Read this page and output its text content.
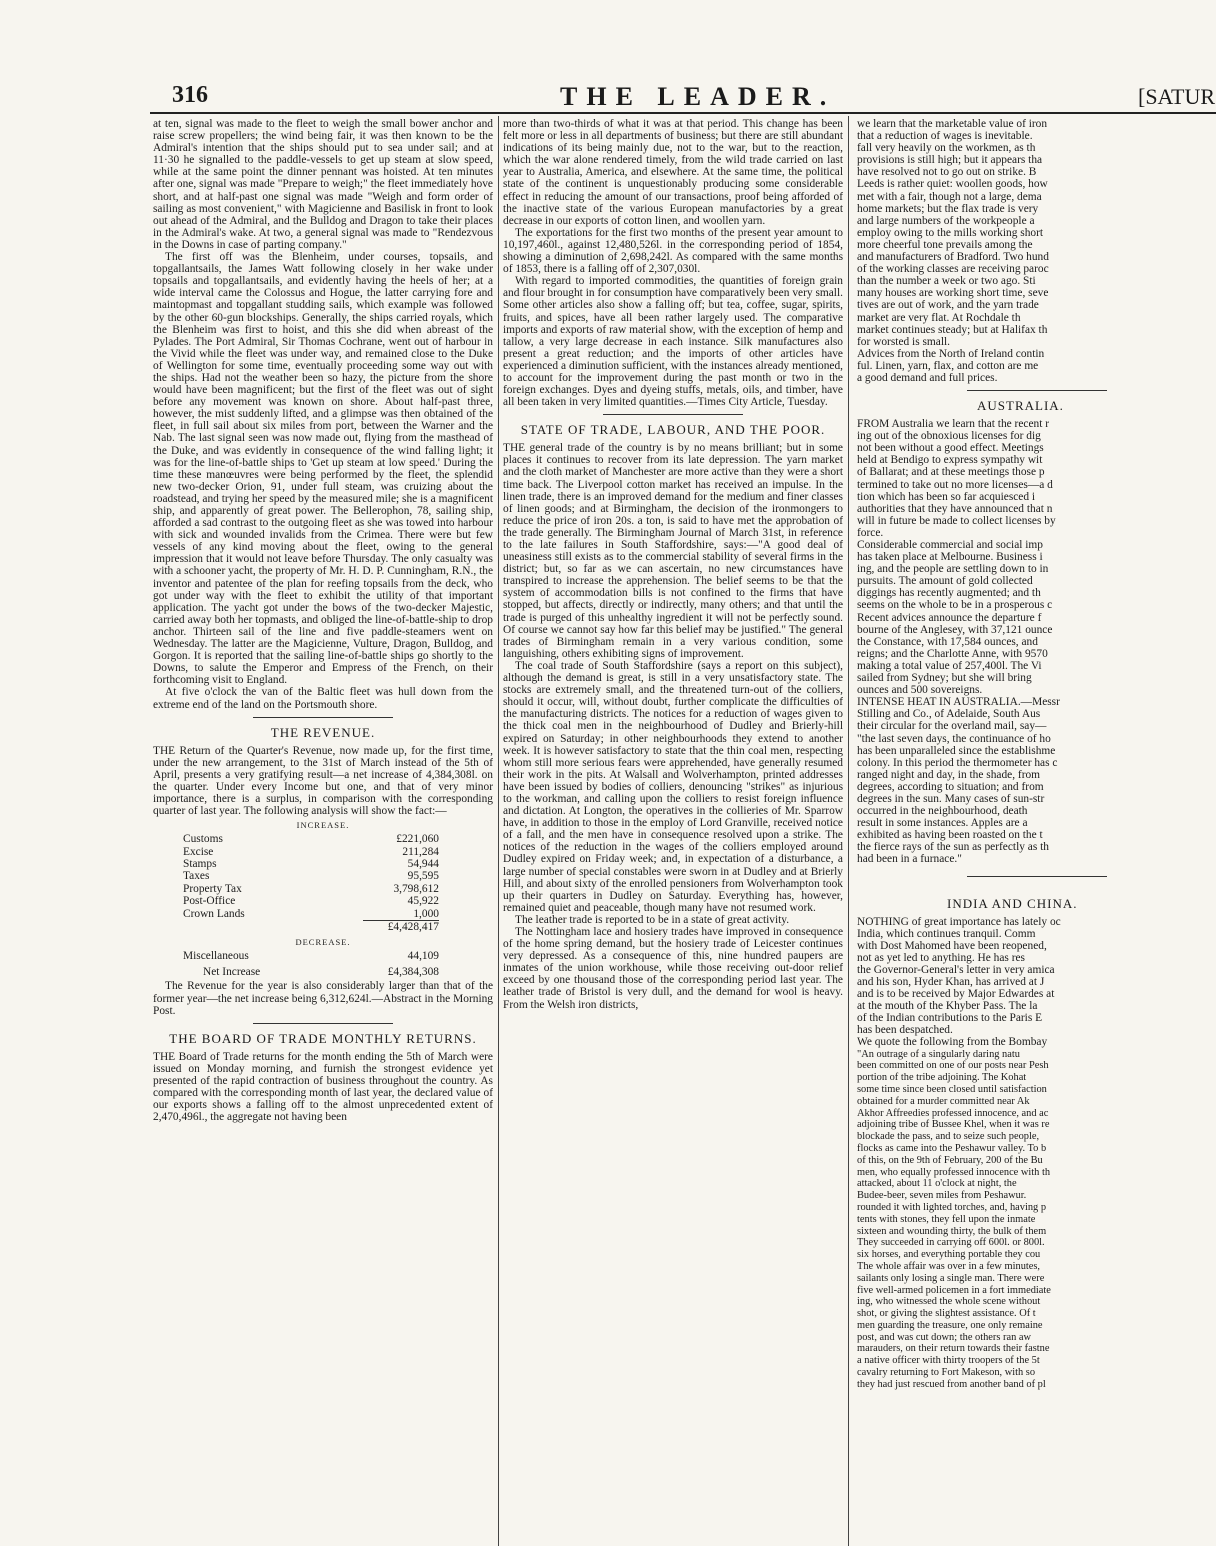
316	THE LEADER.	[SATUR

at ten, signal was made to the fleet to weigh the small bower anchor and raise screw propellers; the wind being fair, it was then known to be the Admiral's intention that the ships should put to sea under sail; and at 11·30 he signalled to the paddle-vessels to get up steam at slow speed, while at the same point the dinner pennant was hoisted. At ten minutes after one, signal was made "Prepare to weigh;" the fleet immediately hove short, and at half-past one signal was made "Weigh and form order of sailing as most convenient," with Magicienne and Basilisk in front to look out ahead of the Admiral, and the Bulldog and Dragon to take their places in the Admiral's wake. At two, a general signal was made to "Rendezvous in the Downs in case of parting company."

The first off was the Blenheim, under courses, topsails, and topgallantsails, the James Watt following closely in her wake under topsails and topgallantsails, and evidently having the heels of her; at a wide interval came the Colossus and Hogue, the latter carrying fore and maintopmast and topgallant studding sails, which example was followed by the other 60-gun blockships. Generally, the ships carried royals, which the Blenheim was first to hoist, and this she did when abreast of the Pylades. The Port Admiral, Sir Thomas Cochrane, went out of harbour in the Vivid while the fleet was under way, and remained close to the Duke of Wellington for some time, eventually proceeding some way out with the ships. Had not the weather been so hazy, the picture from the shore would have been magnificent; but the first of the fleet was out of sight before any movement was known on shore. About half-past three, however, the mist suddenly lifted, and a glimpse was then obtained of the fleet, in full sail about six miles from port, between the Warner and the Nab. The last signal seen was now made out, flying from the masthead of the Duke, and was evidently in consequence of the wind falling light; it was for the line-of-battle ships to 'Get up steam at low speed.' During the time these manœuvres were being performed by the fleet, the splendid new two-decker Orion, 91, under full steam, was cruizing about the roadstead, and trying her speed by the measured mile; she is a magnificent ship, and apparently of great power. The Bellerophon, 78, sailing ship, afforded a sad contrast to the outgoing fleet as she was towed into harbour with sick and wounded invalids from the Crimea. There were but few vessels of any kind moving about the fleet, owing to the general impression that it would not leave before Thursday. The only casualty was with a schooner yacht, the property of Mr. H. D. P. Cunningham, R.N., the inventor and patentee of the plan for reefing topsails from the deck, who got under way with the fleet to exhibit the utility of that important application. The yacht got under the bows of the two-decker Majestic, carried away both her topmasts, and obliged the line-of-battle-ship to drop anchor. Thirteen sail of the line and five paddle-steamers went on Wednesday. The latter are the Magicienne, Vulture, Dragon, Bulldog, and Gorgon. It is reported that the sailing line-of-battle ships go shortly to the Downs, to salute the Emperor and Empress of the French, on their forthcoming visit to England.

At five o'clock the van of the Baltic fleet was hull down from the extreme end of the land on the Portsmouth shore.

THE REVENUE.

THE Return of the Quarter's Revenue, now made up, for the first time, under the new arrangement, to the 31st of March instead of the 5th of April, presents a very gratifying result—a net increase of 4,384,308l. on the quarter. Under every Income but one, and that of very minor importance, there is a surplus, in comparison with the corresponding quarter of last year. The following analysis will show the fact:—

INCREASE.
Customs	£221,060
Excise	211,284
Stamps	54,944
Taxes	95,595
Property Tax	3,798,612
Post-Office	45,922
Crown Lands	1,000
£4,428,417
DECREASE.
Miscellaneous	44,109
Net Increase	£4,384,308

The Revenue for the year is also considerably larger than that of the former year—the net increase being 6,312,624l.—Abstract in the Morning Post.

THE BOARD OF TRADE MONTHLY RETURNS.

THE Board of Trade returns for the month ending the 5th of March were issued on Monday morning, and furnish the strongest evidence yet presented of the rapid contraction of business throughout the country. As compared with the corresponding month of last year, the declared value of our exports shows a falling off to the almost unprecedented extent of 2,470,496l., the aggregate not having been

more than two-thirds of what it was at that period. This change has been felt more or less in all departments of business; but there are still abundant indications of its being mainly due, not to the war, but to the reaction, which the war alone rendered timely, from the wild trade carried on last year to Australia, America, and elsewhere. At the same time, the political state of the continent is unquestionably producing some considerable effect in reducing the amount of our transactions, proof being afforded of the inactive state of the various European manufactories by a great decrease in our exports of cotton linen, and woollen yarn.

The exportations for the first two months of the present year amount to 10,197,460l., against 12,480,526l. in the corresponding period of 1854, showing a diminution of 2,698,242l. As compared with the same months of 1853, there is a falling off of 2,307,030l.

With regard to imported commodities, the quantities of foreign grain and flour brought in for consumption have comparatively been very small. Some other articles also show a falling off; but tea, coffee, sugar, spirits, fruits, and spices, have all been rather largely used. The comparative imports and exports of raw material show, with the exception of hemp and tallow, a very large decrease in each instance. Silk manufactures also present a great reduction; and the imports of other articles have experienced a diminution sufficient, with the instances already mentioned, to account for the improvement during the past month or two in the foreign exchanges. Dyes and dyeing stuffs, metals, oils, and timber, have all been taken in very limited quantities.—Times City Article, Tuesday.

STATE OF TRADE, LABOUR, AND THE POOR.

THE general trade of the country is by no means brilliant; but in some places it continues to recover from its late depression. The yarn market and the cloth market of Manchester are more active than they were a short time back. The Liverpool cotton market has received an impulse. In the linen trade, there is an improved demand for the medium and finer classes of linen goods; and at Birmingham, the decision of the ironmongers to reduce the price of iron 20s. a ton, is said to have met the approbation of the trade generally. The Birmingham Journal of March 31st, in reference to the late failures in South Staffordshire, says:—"A good deal of uneasiness still exists as to the commercial stability of several firms in the district; but, so far as we can ascertain, no new circumstances have transpired to increase the apprehension. The belief seems to be that the system of accommodation bills is not confined to the firms that have stopped, but affects, directly or indirectly, many others; and that until the trade is purged of this unhealthy ingredient it will not be perfectly sound. Of course we cannot say how far this belief may be justified." The general trades of Birmingham remain in a very various condition, some languishing, others exhibiting signs of improvement.

The coal trade of South Staffordshire (says a report on this subject), although the demand is great, is still in a very unsatisfactory state. The stocks are extremely small, and the threatened turn-out of the colliers, should it occur, will, without doubt, further complicate the difficulties of the manufacturing districts. The notices for a reduction of wages given to the thick coal men in the neighbourhood of Dudley and Brierly-hill expired on Saturday; in other neighbourhoods they extend to another week. It is however satisfactory to state that the thin coal men, respecting whom still more serious fears were apprehended, have generally resumed their work in the pits. At Walsall and Wolverhampton, printed addresses have been issued by bodies of colliers, denouncing "strikes" as injurious to the workman, and calling upon the colliers to resist foreign influence and dictation. At Longton, the operatives in the collieries of Mr. Sparrow have, in addition to those in the employ of Lord Granville, received notice of a fall, and the men have in consequence resolved upon a strike. The notices of the reduction in the wages of the colliers employed around Dudley expired on Friday week; and, in expectation of a disturbance, a large number of special constables were sworn in at Dudley and at Brierly Hill, and about sixty of the enrolled pensioners from Wolverhampton took up their quarters in Dudley on Saturday. Everything has, however, remained quiet and peaceable, though many have not resumed work.

The leather trade is reported to be in a state of great activity.

The Nottingham lace and hosiery trades have improved in consequence of the home spring demand, but the hosiery trade of Leicester continues very depressed. As a consequence of this, nine hundred paupers are inmates of the union workhouse, while those receiving out-door relief exceed by one thousand those of the corresponding period last year. The leather trade of Bristol is very dull, and the demand for wool is heavy. From the Welsh iron districts,

we learn that the marketable value of iron
that a reduction of wages is inevitable.
fall very heavily on the workmen, as th
provisions is still high; but it appears tha
have resolved not to go out on strike. B
Leeds is rather quiet: woollen goods, how
met with a fair, though not a large, dema
home markets; but the flax trade is very
and large numbers of the workpeople a
employ owing to the mills working short
more cheerful tone prevails among the
and manufacturers of Bradford. Two hund
of the working classes are receiving paroc
than the number a week or two ago. Sti
many houses are working short time, seve
tives are out of work, and the yarn trade
market are very flat. At Rochdale th
market continues steady; but at Halifax th
for worsted is small.
Advices from the North of Ireland contin
ful. Linen, yarn, flax, and cotton are me
a good demand and full prices.
AUSTRALIA.
FROM Australia we learn that the recent r
ing out of the obnoxious licenses for dig
not been without a good effect. Meetings
held at Bendigo to express sympathy wit
of Ballarat; and at these meetings those p
termined to take out no more licenses—a d
tion which has been so far acquiesced i
authorities that they have announced that n
will in future be made to collect licenses by
force.
Considerable commercial and social imp
has taken place at Melbourne. Business i
ing, and the people are settling down to in
pursuits. The amount of gold collected
diggings has recently augmented; and th
seems on the whole to be in a prosperous c
Recent advices announce the departure f
bourne of the Anglesey, with 37,121 ounce
the Constance, with 17,584 ounces, and
reigns; and the Charlotte Anne, with 9570
making a total value of 257,400l. The Vi
sailed from Sydney; but she will bring
ounces and 500 sovereigns.
INTENSE HEAT IN AUSTRALIA.—Messr
Stilling and Co., of Adelaide, South Aus
their circular for the overland mail, say—
"the last seven days, the continuance of ho
has been unparalleled since the establishme
colony. In this period the thermometer has c
ranged night and day, in the shade, from
degrees, according to situation; and from
degrees in the sun. Many cases of sun-str
occurred in the neighbourhood, death
result in some instances. Apples are a
exhibited as having been roasted on the t
the fierce rays of the sun as perfectly as th
had been in a furnace."
INDIA AND CHINA.
NOTHING of great importance has lately oc
India, which continues tranquil. Comm
with Dost Mahomed have been reopened,
not as yet led to anything. He has res
the Governor-General's letter in very amica
and his son, Hyder Khan, has arrived at J
and is to be received by Major Edwardes at
at the mouth of the Khyber Pass. The la
of the Indian contributions to the Paris E
has been despatched.
We quote the following from the Bombay
"An outrage of a singularly daring natu
been committed on one of our posts near Pesh
portion of the tribe adjoining. The Kohat
some time since been closed until satisfaction
obtained for a murder committed near Ak
Akhor Affreedies professed innocence, and ac
adjoining tribe of Bussee Khel, when it was re
blockade the pass, and to seize such people,
flocks as came into the Peshawur valley. To b
of this, on the 9th of February, 200 of the Bu
men, who equally professed innocence with th
attacked, about 11 o'clock at night, the
Budee-beer, seven miles from Peshawur.
rounded it with lighted torches, and, having p
tents with stones, they fell upon the inmate
sixteen and wounding thirty, the bulk of them
They succeeded in carrying off 600l. or 800l.
six horses, and everything portable they cou
The whole affair was over in a few minutes,
sailants only losing a single man. There were
five well-armed policemen in a fort immediate
ing, who witnessed the whole scene without
shot, or giving the slightest assistance. Of t
men guarding the treasure, one only remaine
post, and was cut down; the others ran aw
marauders, on their return towards their fastne
a native officer with thirty troopers of the 5t
cavalry returning to Fort Makeson, with so
they had just rescued from another band of pl
